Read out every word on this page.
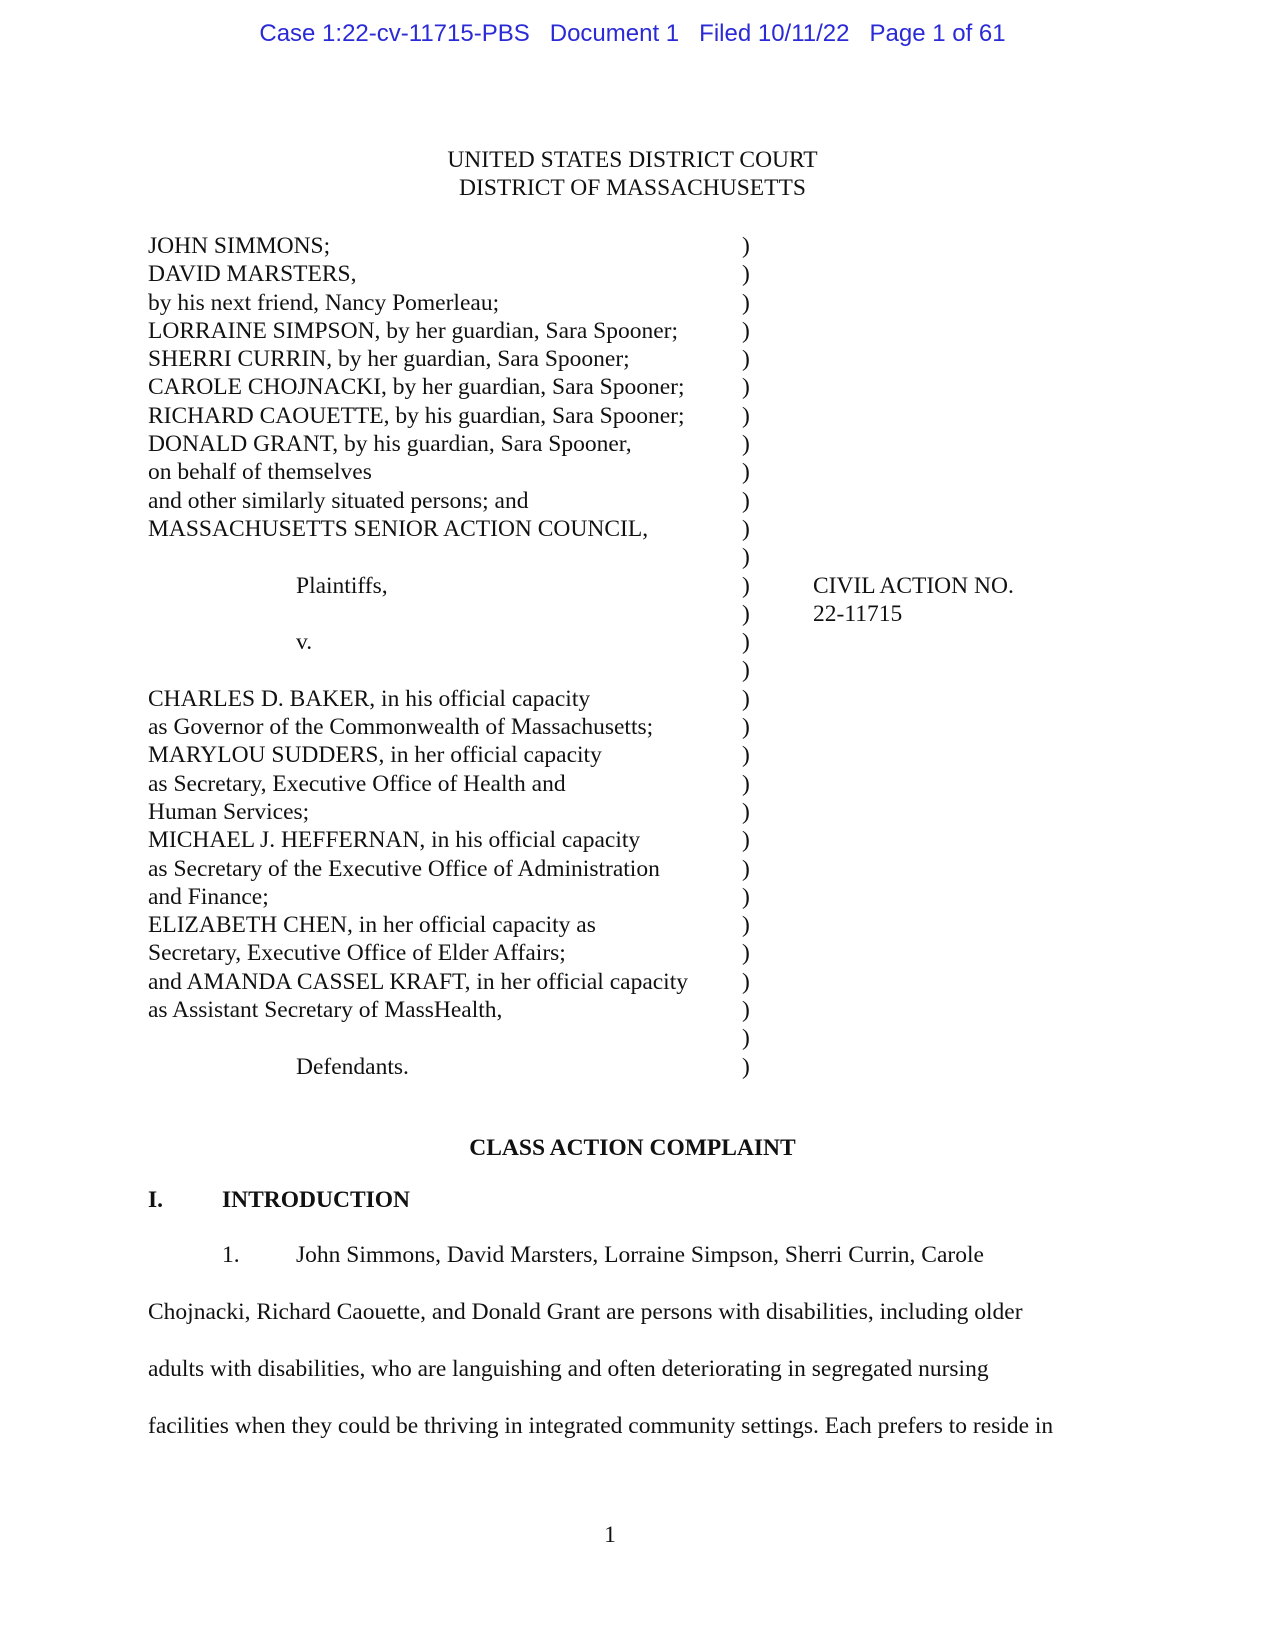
Case 1:22-cv-11715-PBS Document 1 Filed 10/11/22 Page 1 of 61
UNITED STATES DISTRICT COURT
DISTRICT OF MASSACHUSETTS
JOHN SIMMONS;	)
DAVID MARSTERS,	)
by his next friend, Nancy Pomerleau;	)
LORRAINE SIMPSON, by her guardian, Sara Spooner;	)
SHERRI CURRIN, by her guardian, Sara Spooner;	)
CAROLE CHOJNACKI, by her guardian, Sara Spooner; )
RICHARD CAOUETTE, by his guardian, Sara Spooner; )
DONALD GRANT, by his guardian, Sara Spooner,	)
on behalf of themselves	)
and other similarly situated persons; and	)
MASSACHUSETTS SENIOR ACTION COUNCIL,	)
)
Plaintiffs,	)	CIVIL ACTION NO.
)	22-11715
v.	)
)
CHARLES D. BAKER, in his official capacity	)
as Governor of the Commonwealth of Massachusetts;	)
MARYLOU SUDDERS, in her official capacity	)
as Secretary, Executive Office of Health and	)
Human Services;	)
MICHAEL J. HEFFERNAN, in his official capacity	)
as Secretary of the Executive Office of Administration	)
and Finance;	)
ELIZABETH CHEN, in her official capacity as	)
Secretary, Executive Office of Elder Affairs;	)
and AMANDA CASSEL KRAFT, in her official capacity )
as Assistant Secretary of MassHealth,	)
)
Defendants.	)
CLASS ACTION COMPLAINT
I.	INTRODUCTION
1. John Simmons, David Marsters, Lorraine Simpson, Sherri Currin, Carole
Chojnacki, Richard Caouette, and Donald Grant are persons with disabilities, including older
adults with disabilities, who are languishing and often deteriorating in segregated nursing
facilities when they could be thriving in integrated community settings. Each prefers to reside in
1
